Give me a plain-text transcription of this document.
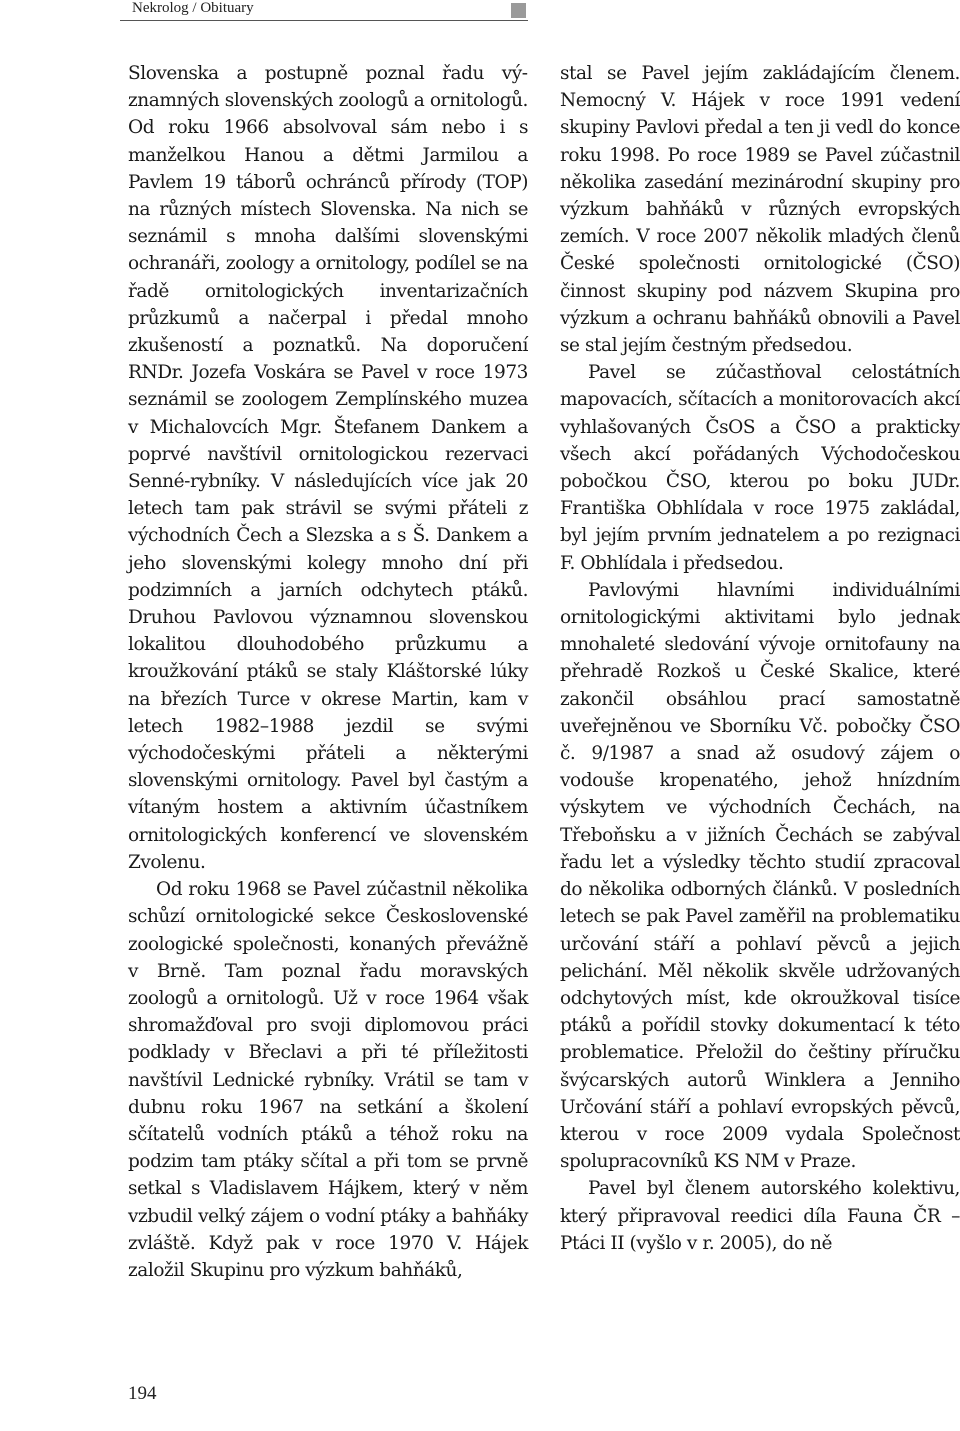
Nekrolog / Obituary

Slovenska a postupně poznal řadu významných slovenských zoologů a ornitologů. Od roku 1966 absolvoval sám nebo i s manželkou Hanou a dětmi Jarmilou a Pavlem 19 táborů ochránců přírody (TOP) na různých místech Slovenska. Na nich se seznámil s mnoha dalšími slovenskými ochranáři, zoology a ornitology, podílel se na řadě ornitologických inventarizačních průzkumů a načerpal i předal mnoho zkušeností a poznatků. Na doporučení RNDr. Jozefa Voskára se Pavel v roce 1973 seznámil se zoologem Zemplínského muzea v Michalovcích Mgr. Štefanem Dankem a poprvé navštívil ornitologickou rezervaci Senné-rybníky. V následujících více jak 20 letech tam pak strávil se svými přáteli z východních Čech a Slezska a s Š. Dankem a jeho slovenskými kolegy mnoho dní při podzimních a jarních odchytech ptáků. Druhou Pavlovou významnou slovenskou lokalitou dlouhodobého průzkumu a kroužkování ptáků se staly Kláštorské lúky na březích Turce v okrese Martin, kam v letech 1982–1988 jezdil se svými východočeskými přáteli a některými slovenskými ornitology. Pavel byl častým a vítaným hostem a aktivním účastníkem ornitologických konferencí ve slovenském Zvolenu.

Od roku 1968 se Pavel zúčastnil několika schůzí ornitologické sekce Československé zoologické společnosti, konaných převážně v Brně. Tam poznal řadu moravských zoologů a ornitologů. Už v roce 1964 však shromažďoval pro svoji diplomovou práci podklady v Břeclavi a při té příležitosti navštívil Lednické rybníky. Vrátil se tam v dubnu roku 1967 na setkání a školení sčítatelů vodních ptáků a téhož roku na podzim tam ptáky sčítal a při tom se prvně setkal s Vladislavem Hájkem, který v něm vzbudil velký zájem o vodní ptáky a bahňáky zvláště. Když pak v roce 1970 V. Hájek založil Skupinu pro výzkum bahňáků,

stal se Pavel jejím zakládajícím členem. Nemocný V. Hájek v roce 1991 vedení skupiny Pavlovi předal a ten ji vedl do konce roku 1998. Po roce 1989 se Pavel zúčastnil několika zasedání mezinárodní skupiny pro výzkum bahňáků v různých evropských zemích. V roce 2007 několik mladých členů České společnosti ornitologické (ČSO) činnost skupiny pod názvem Skupina pro výzkum a ochranu bahňáků obnovili a Pavel se stal jejím čestným předsedou.

Pavel se zúčastňoval celostátních mapovacích, sčítacích a monitorovacích akcí vyhlašovaných ČsOS a ČSO a prakticky všech akcí pořádaných Východočeskou pobočkou ČSO, kterou po boku JUDr. Františka Obhlídala v roce 1975 zakládal, byl jejím prvním jednatelem a po rezignaci F. Obhlídala i předsedou.

Pavlovými hlavními individuálními ornitologickými aktivitami bylo jednak mnohaleté sledování vývoje ornitofauny na přehradě Rozkoš u České Skalice, které zakončil obsáhlou prací samostatně uveřejněnou ve Sborníku Vč. pobočky ČSO č. 9/1987 a snad až osudový zájem o vodouše kropenatého, jehož hnízdním výskytem ve východních Čechách, na Třeboňsku a v jižních Čechách se zabýval řadu let a výsledky těchto studií zpracoval do několika odborných článků. V posledních letech se pak Pavel zaměřil na problematiku určování stáří a pohlaví pěvců a jejich pelichání. Měl několik skvěle udržovaných odchytových míst, kde okroužkoval tisíce ptáků a pořídil stovky dokumentací k této problematice. Přeložil do češtiny příručku švýcarských autorů Winklera a Jenniho Určování stáří a pohlaví evropských pěvců, kterou v roce 2009 vydala Společnost spolupracovníků KS NM v Praze.

Pavel byl členem autorského kolektivu, který připravoval reedici díla Fauna ČR – Ptáci II (vyšlo v r. 2005), do ně

194
